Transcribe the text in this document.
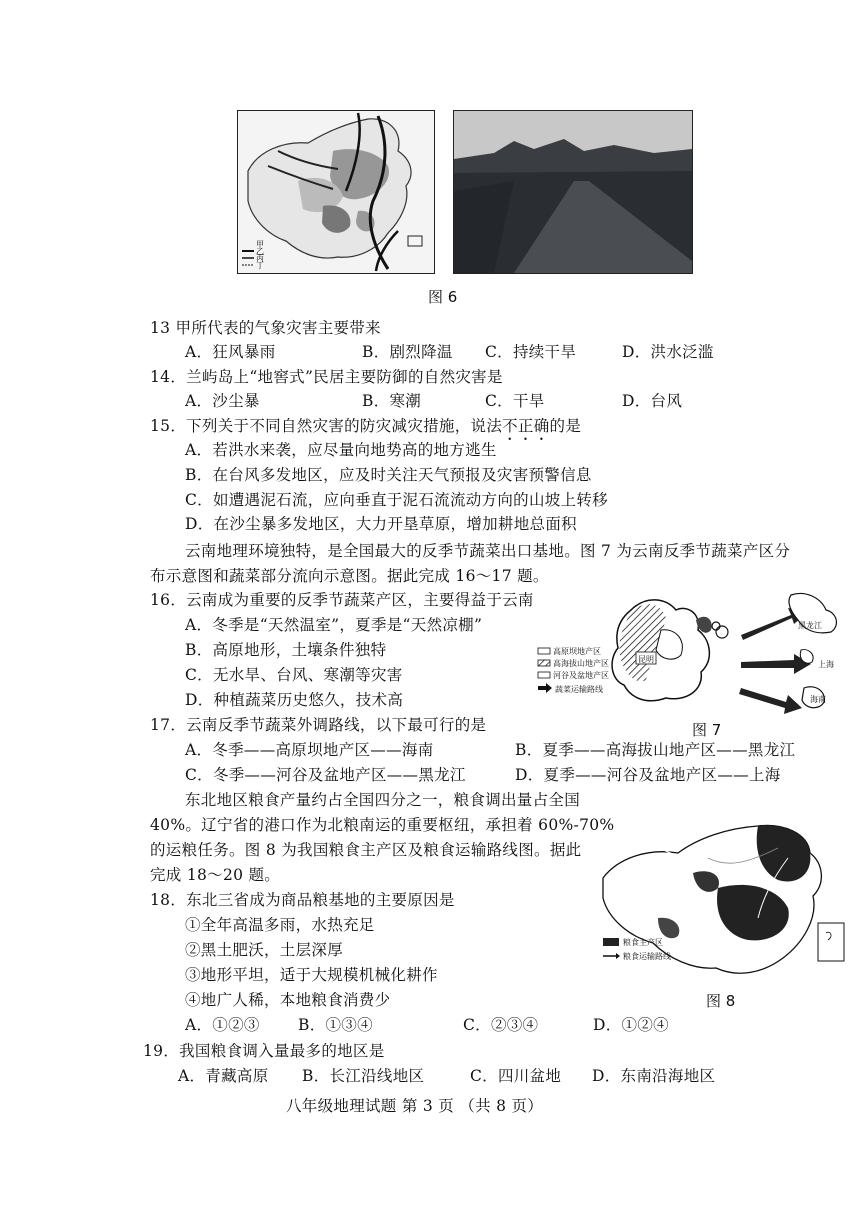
甲
乙
丙
丁
图 6
13 甲所代表的气象灾害主要带来
A．狂风暴雨	B．剧烈降温 C．持续干旱	D．洪水泛滥
14．兰屿岛上“地窖式”民居主要防御的自然灾害是
A．沙尘暴	B．寒潮	C．干旱	D．台风
15．下列关于不同自然灾害的防灾减灾措施，说法不正确的是
A．若洪水来袭，应尽量向地势高的地方逃生
B．在台风多发地区，应及时关注天气预报及灾害预警信息
C．如遭遇泥石流，应向垂直于泥石流流动方向的山坡上转移
D．在沙尘暴多发地区，大力开垦草原，增加耕地总面积
云南地理环境独特，是全国最大的反季节蔬菜出口基地。图 7 为云南反季节蔬菜产区分
布示意图和蔬菜部分流向示意图。据此完成 16～17 题。
16．云南成为重要的反季节蔬菜产区，主要得益于云南
A．冬季是“天然温室”，夏季是“天然凉棚”
B．高原地形，土壤条件独特
C．无水旱、台风、寒潮等灾害
D．种植蔬菜历史悠久，技术高
高原坝地产区
高海拔山地产区
河谷及盆地产区
蔬菜运输路线
昆明
黑龙江
上海
海南
图 7
17．云南反季节蔬菜外调路线，以下最可行的是
A．冬季——高原坝地产区——海南	B．夏季——高海拔山地产区——黑龙江
C．冬季——河谷及盆地产区——黑龙江	D．夏季——河谷及盆地产区——上海
东北地区粮食产量约占全国四分之一，粮食调出量占全国
40%。辽宁省的港口作为北粮南运的重要枢纽，承担着 60%-70%
的运粮任务。图 8 为我国粮食主产区及粮食运输路线图。据此
完成 18～20 题。
粮食主产区
粮食运输路线
图 8
18．东北三省成为商品粮基地的主要原因是
①全年高温多雨，水热充足
②黑土肥沃，土层深厚
③地形平坦，适于大规模机械化耕作
④地广人稀，本地粮食消费少
A．①②③ B．①③④	C．②③④	D．①②④
19．我国粮食调入量最多的地区是
A．青藏高原 B．长江沿线地区	C．四川盆地 D．东南沿海地区
八年级地理试题 第 3 页 （共 8 页）
